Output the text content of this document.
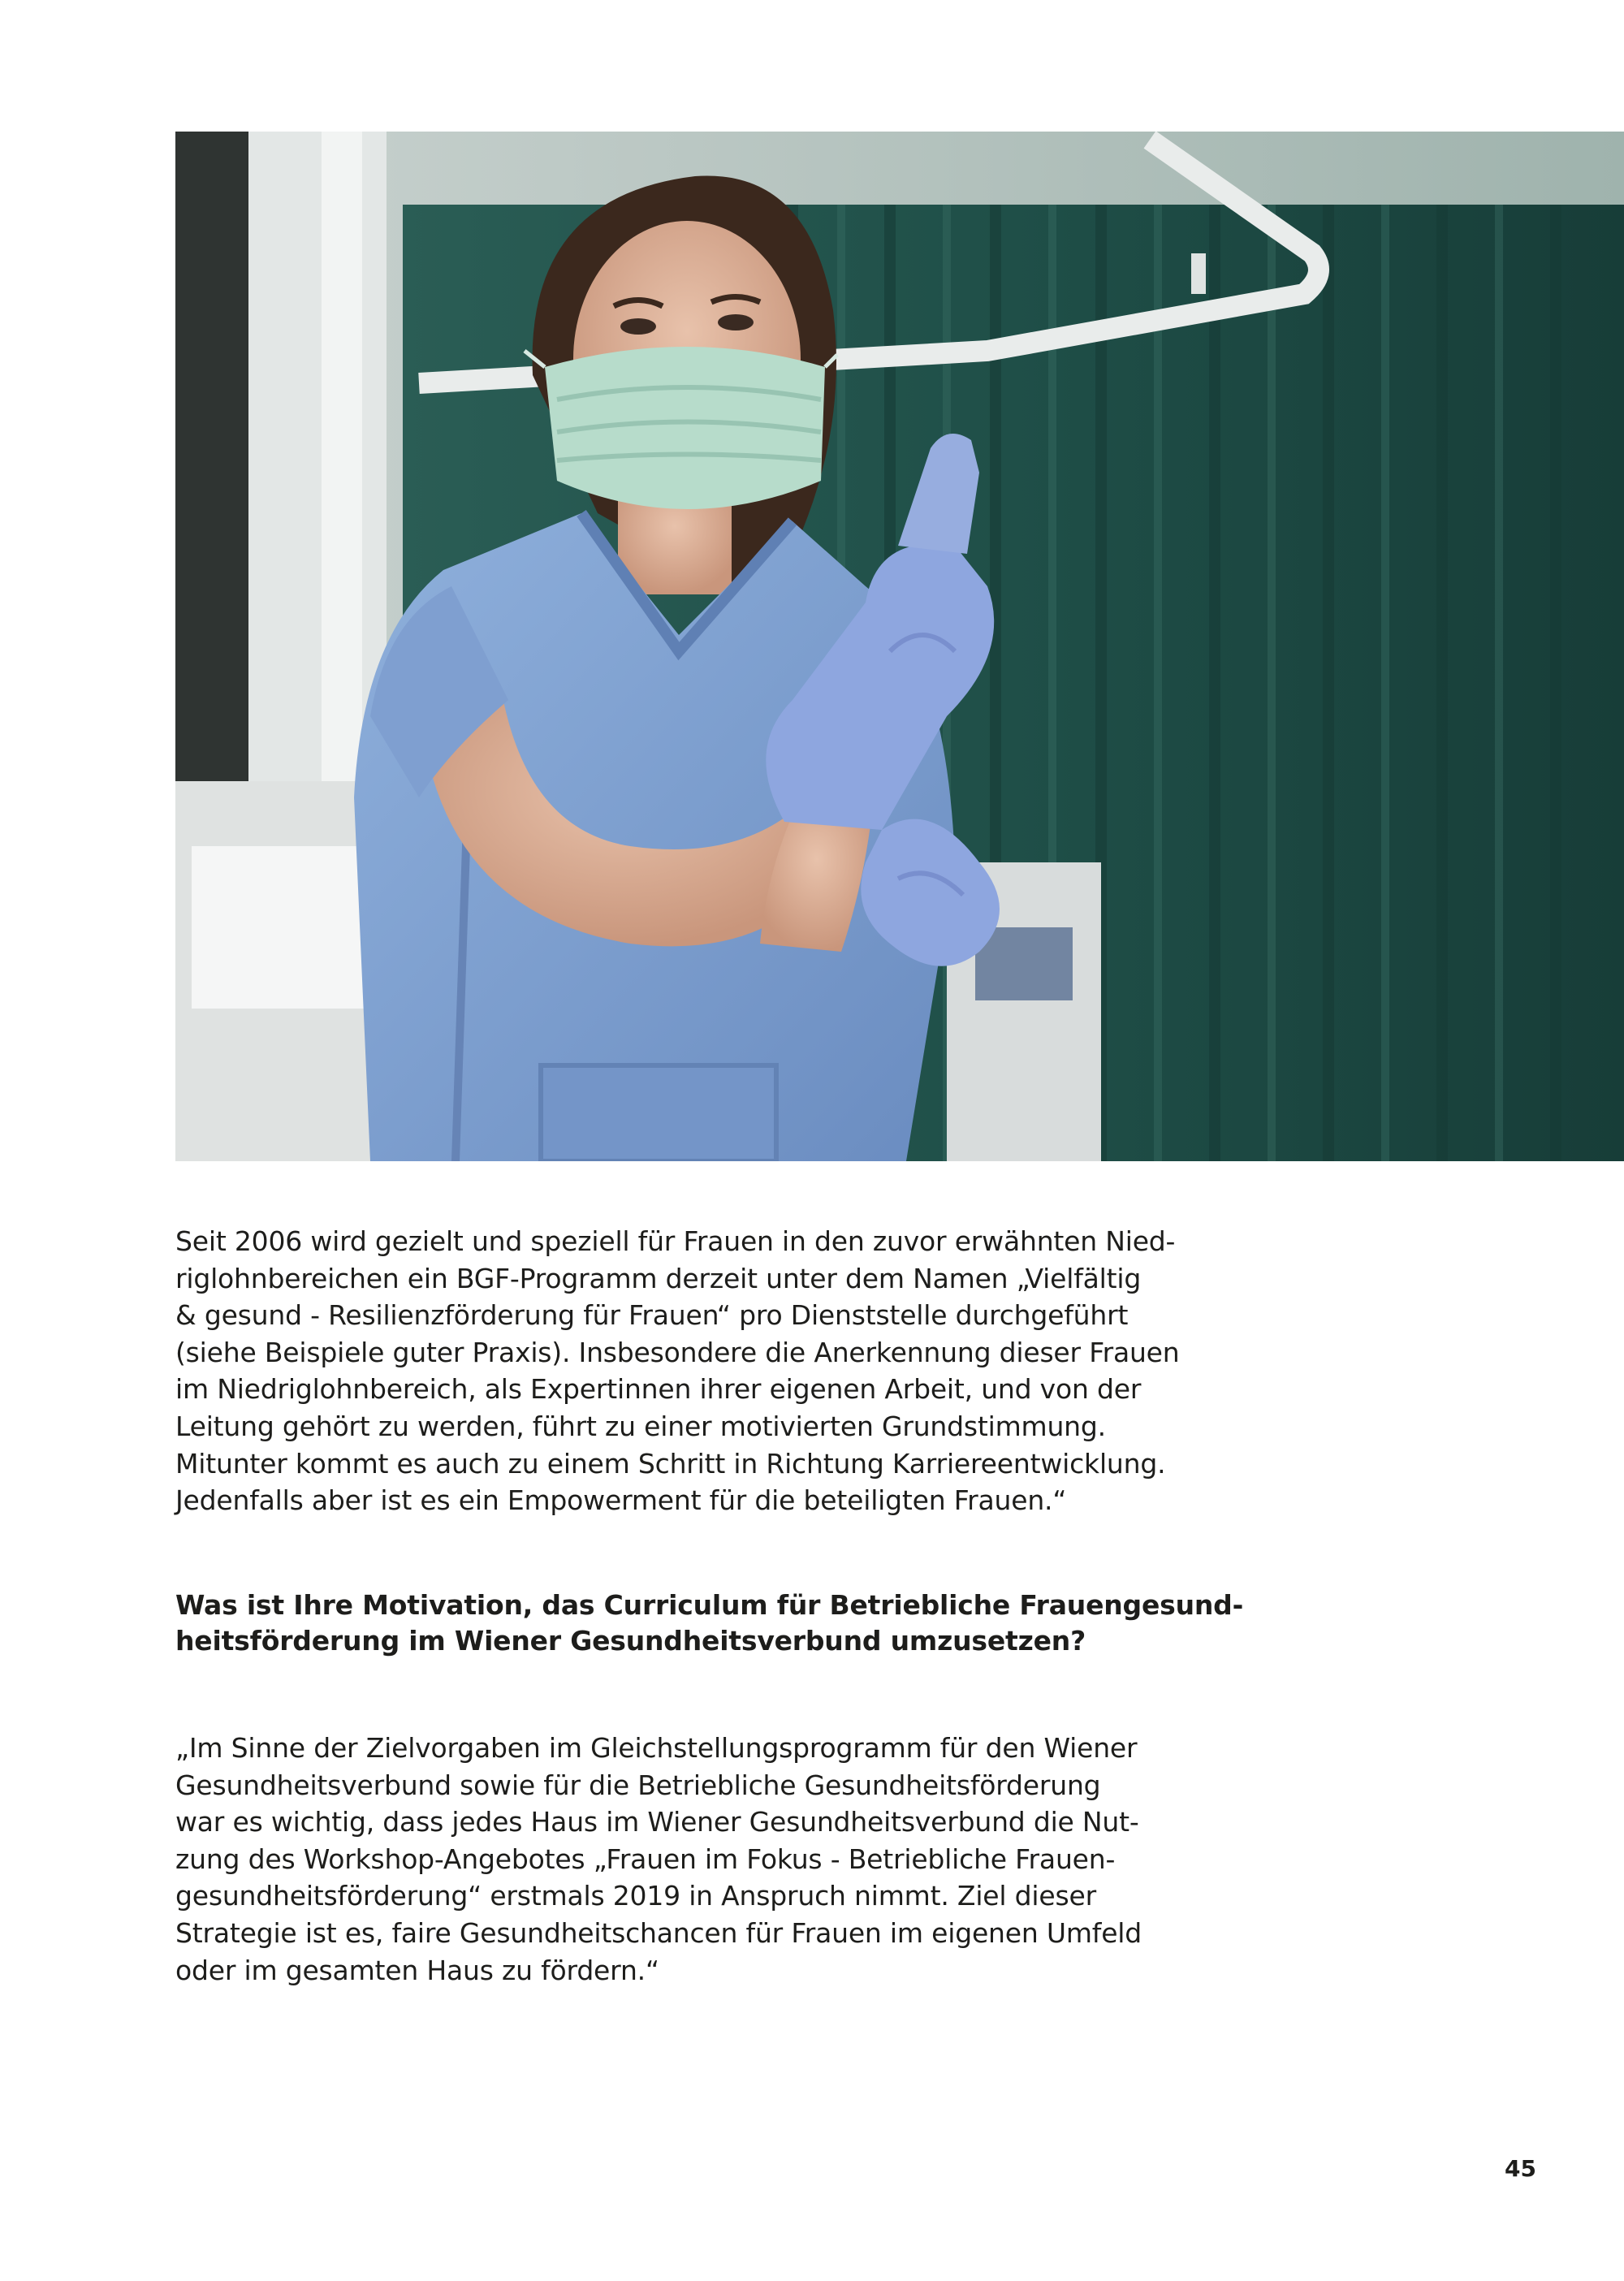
Seit 2006 wird gezielt und speziell für Frauen in den zuvor erwähnten Nied-
riglohnbereichen ein BGF-Programm derzeit unter dem Namen „Vielfältig
& gesund - Resilienzförderung für Frauen“ pro Dienststelle durchgeführt
(siehe Beispiele guter Praxis). Insbesondere die Anerkennung dieser Frauen
im Niedriglohnbereich, als Expertinnen ihrer eigenen Arbeit, und von der
Leitung gehört zu werden, führt zu einer motivierten Grundstimmung.
Mitunter kommt es auch zu einem Schritt in Richtung Karriereentwicklung.
Jedenfalls aber ist es ein Empowerment für die beteiligten Frauen.“
Was ist Ihre Motivation, das Curriculum für Betriebliche Frauengesund-
heitsförderung im Wiener Gesundheitsverbund umzusetzen?
„Im Sinne der Zielvorgaben im Gleichstellungsprogramm für den Wiener
Gesundheitsverbund sowie für die Betriebliche Gesundheitsförderung
war es wichtig, dass jedes Haus im Wiener Gesundheitsverbund die Nut-
zung des Workshop-Angebotes „Frauen im Fokus - Betriebliche Frauen-
gesundheitsförderung“ erstmals 2019 in Anspruch nimmt. Ziel dieser
Strategie ist es, faire Gesundheitschancen für Frauen im eigenen Umfeld
oder im gesamten Haus zu fördern.“
45
